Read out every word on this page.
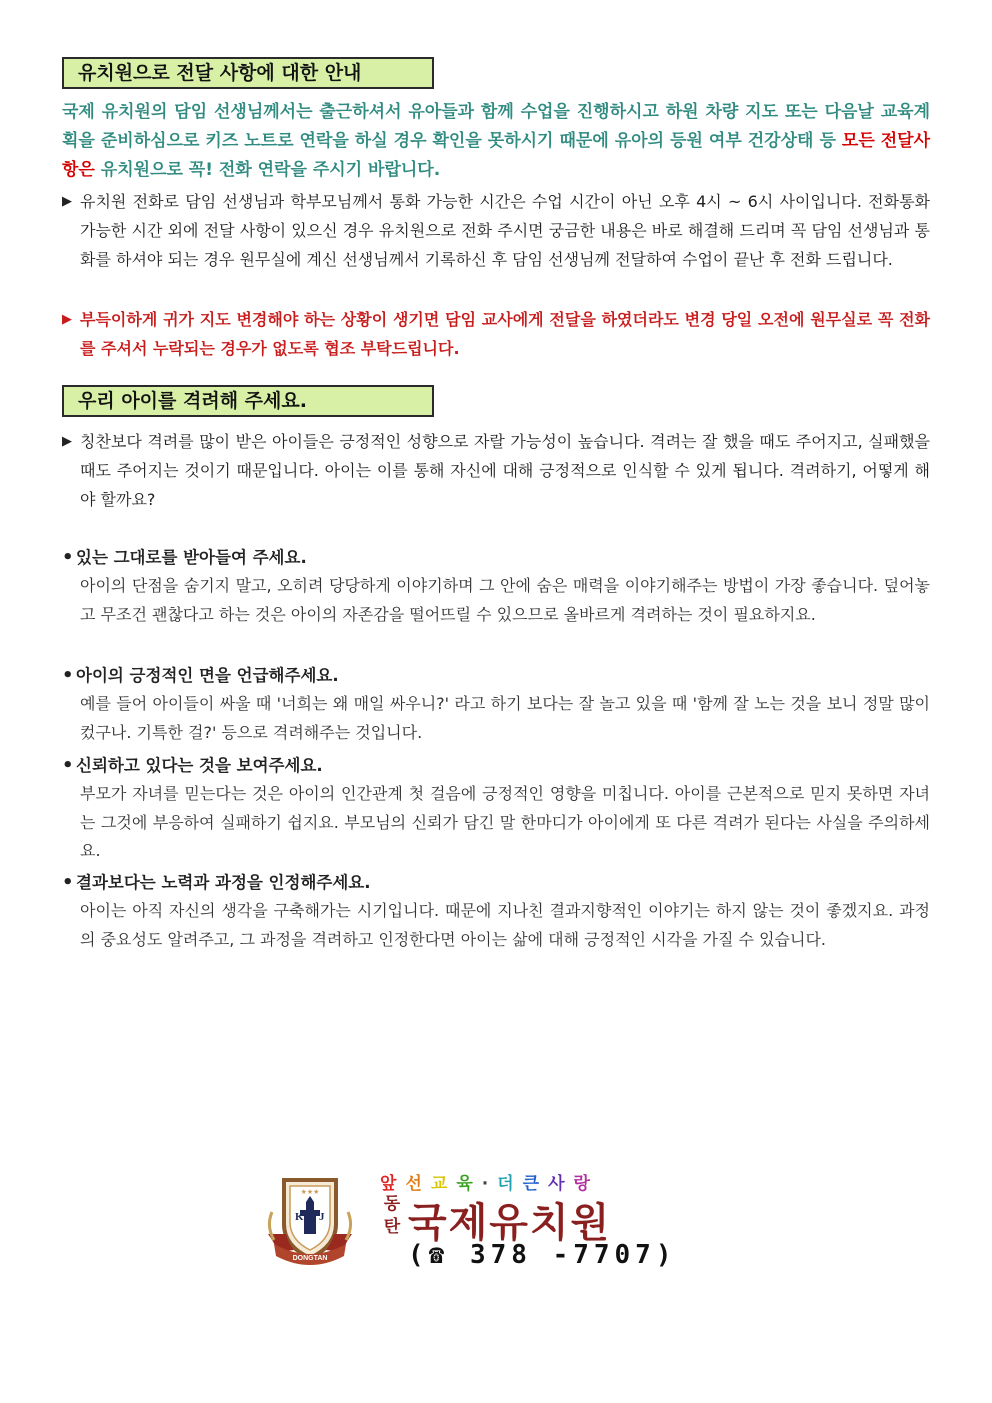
유치원으로 전달 사항에 대한 안내
국제 유치원의 담임 선생님께서는 출근하셔서 유아들과 함께 수업을 진행하시고 하원 차량 지도 또는 다음날 교육계획을 준비하심으로 키즈 노트로 연락을 하실 경우 확인을 못하시기 때문에 유아의 등원 여부 건강상태 등 모든 전달사항은 유치원으로 꼭! 전화 연락을 주시기 바랍니다.
▶ 유치원 전화로 담임 선생님과 학부모님께서 통화 가능한 시간은 수업 시간이 아닌 오후 4시 ~ 6시 사이입니다. 전화통화 가능한 시간 외에 전달 사항이 있으신 경우 유치원으로 전화 주시면 궁금한 내용은 바로 해결해 드리며 꼭 담임 선생님과 통화를 하셔야 되는 경우 원무실에 계신 선생님께서 기록하신 후 담임 선생님께 전달하여 수업이 끝난 후 전화 드립니다.
▶ 부득이하게 귀가 지도 변경해야 하는 상황이 생기면 담임 교사에게 전달을 하였더라도 변경 당일 오전에 원무실로 꼭 전화를 주셔서 누락되는 경우가 없도록 협조 부탁드립니다.
우리 아이를 격려해 주세요.
▶ 칭찬보다 격려를 많이 받은 아이들은 긍정적인 성향으로 자랄 가능성이 높습니다. 격려는 잘 했을 때도 주어지고, 실패했을 때도 주어지는 것이기 때문입니다. 아이는 이를 통해 자신에 대해 긍정적으로 인식할 수 있게 됩니다. 격려하기, 어떻게 해야 할까요?
• 있는 그대로를 받아들여 주세요.
아이의 단점을 숨기지 말고, 오히려 당당하게 이야기하며 그 안에 숨은 매력을 이야기해주는 방법이 가장 좋습니다. 덮어놓고 무조건 괜찮다고 하는 것은 아이의 자존감을 떨어뜨릴 수 있으므로 올바르게 격려하는 것이 필요하지요.
• 아이의 긍정적인 면을 언급해주세요.
예를 들어 아이들이 싸울 때 '너희는 왜 매일 싸우니?' 라고 하기 보다는 잘 놀고 있을 때 '함께 잘 노는 것을 보니 정말 많이 컸구나. 기특한 걸?' 등으로 격려해주는 것입니다.
• 신뢰하고 있다는 것을 보여주세요.
부모가 자녀를 믿는다는 것은 아이의 인간관계 첫 걸음에 긍정적인 영향을 미칩니다. 아이를 근본적으로 믿지 못하면 자녀는 그것에 부응하여 실패하기 쉽지요. 부모님의 신뢰가 담긴 말 한마디가 아이에게 또 다른 격려가 된다는 사실을 주의하세요.
• 결과보다는 노력과 과정을 인정해주세요.
아이는 아직 자신의 생각을 구축해가는 시기입니다. 때문에 지나친 결과지향적인 이야기는 하지 않는 것이 좋겠지요. 과정의 중요성도 알려주고, 그 과정을 격려하고 인정한다면 아이는 삶에 대해 긍정적인 시각을 가질 수 있습니다.
K J
★★★
DONGTAN
앞선교육·더큰사랑
동
탄 국제유치원
(☎ 378 -7707)
